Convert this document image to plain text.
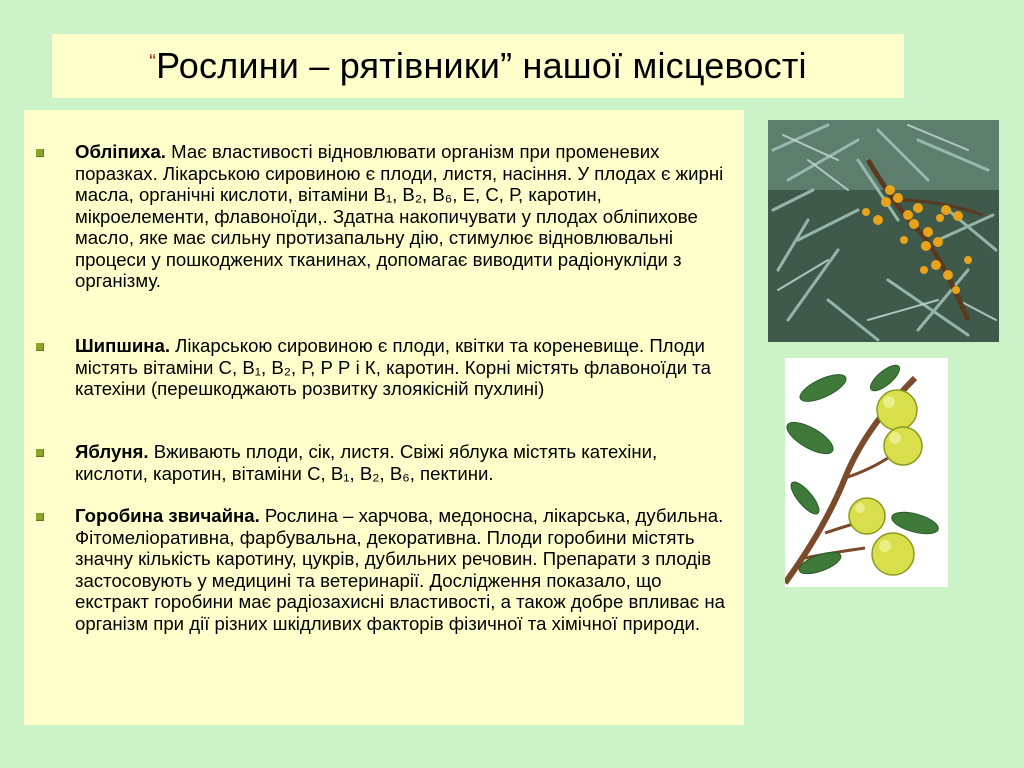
“Рослини – рятівники” нашої місцевості
Обліпиха. Має властивості відновлювати організм при променевих поразках. Лікарською сировиною є плоди, листя, насіння. У плодах є жирні масла, органічні кислоти, вітаміни В₁, В₂, В₆, Е, С, Р, каротин, мікроелементи, флавоноїди,. Здатна накопичувати у плодах обліпихове масло, яке має сильну протизапальну дію, стимулює відновлювальні процеси у пошкоджених тканинах, допомагає виводити радіонукліди з організму.
Шипшина. Лікарською сировиною є плоди, квітки та кореневище. Плоди містять вітаміни С, В₁, В₂, Р, Р Р і К, каротин. Корні містять флавоноїди та катехіни (перешкоджають розвитку злоякісній пухлині)
Яблуня. Вживають плоди, сік, листя. Свіжі яблука містять катехіни, кислоти, каротин, вітаміни С, В₁, В₂, В₆, пектини.
Горобина звичайна. Рослина – харчова, медоносна, лікарська, дубильна. Фітомеліоративна, фарбувальна, декоративна. Плоди горобини містять значну кількість каротину, цукрів, дубильних речовин. Препарати з плодів застосовують у медицині та ветеринарії. Дослідження показало, що екстракт горобини має радіозахисні властивості, а також добре впливає на організм при дії різних шкідливих факторів фізичної та хімічної природи.
